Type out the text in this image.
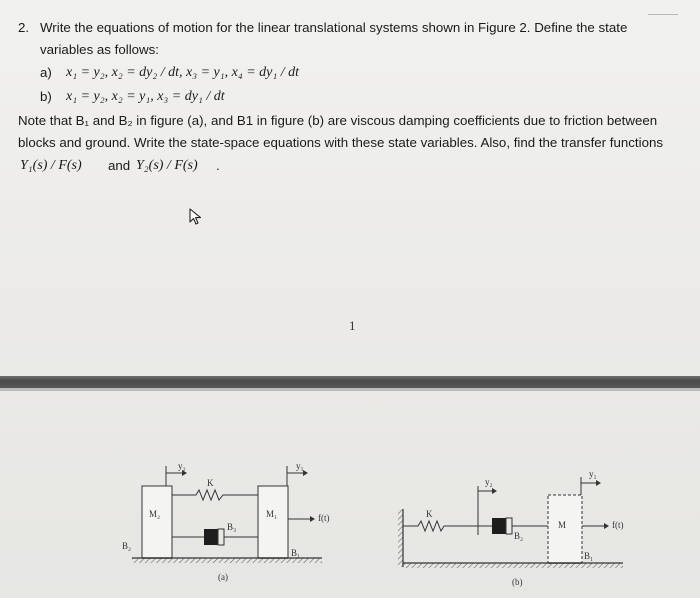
2. Write the equations of motion for the linear translational systems shown in Figure 2. Define the state
variables as follows:
a) x₁ = y₂, x₂ = dy₂ / dt, x₃ = y₁, x₄ = dy₁ / dt
b) x₁ = y₂, x₂ = y₁, x₃ = dy₁ / dt
Note that B₁ and B₂ in figure (a), and B1 in figure (b) are viscous damping coefficients due to friction between
blocks and ground. Write the state-space equations with these state variables. Also, find the transfer functions
Y₁(s) / F(s) and Y₂(s) / F(s) .
1
y₂	y₁
K
M₂	M₁
B₃
B₂
B₁
f(t)
(a)
y₂
y₁
K
M
B₂
B₁
f(t)
(b)
